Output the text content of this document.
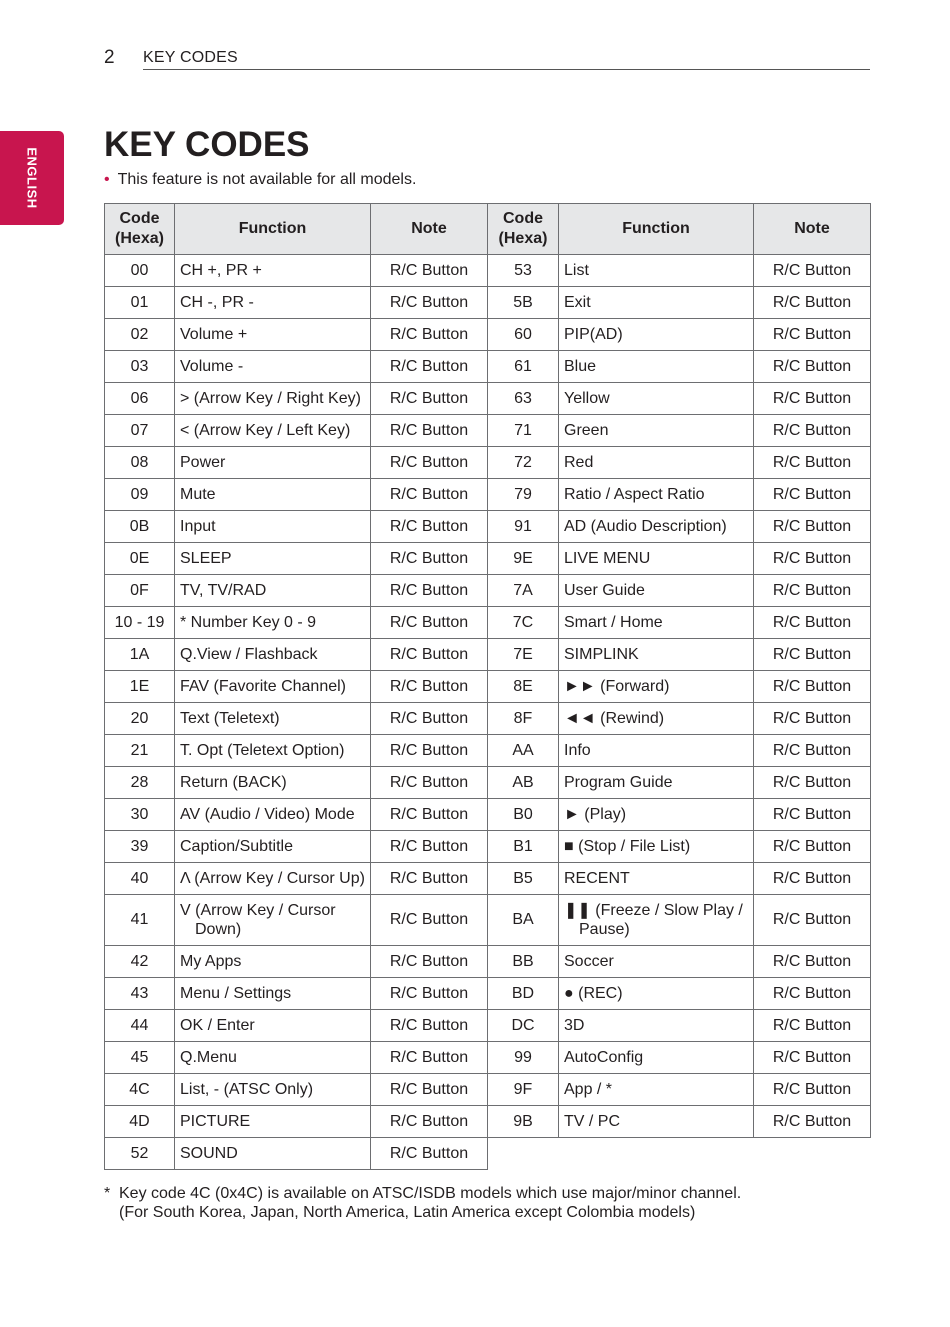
2 KEY CODES
ENGLISH
KEY CODES
• This feature is not available for all models.
Code (Hexa)	Function	Note
00	CH +, PR +	R/C Button
01	CH -, PR -	R/C Button
02	Volume +	R/C Button
03	Volume -	R/C Button
06	> (Arrow Key / Right Key)	R/C Button
07	< (Arrow Key / Left Key)	R/C Button
08	Power	R/C Button
09	Mute	R/C Button
0B	Input	R/C Button
0E	SLEEP	R/C Button
0F	TV, TV/RAD	R/C Button
10 - 19	* Number Key 0 - 9	R/C Button
1A	Q.View / Flashback	R/C Button
1E	FAV (Favorite Channel)	R/C Button
20	Text (Teletext)	R/C Button
21	T. Opt (Teletext Option)	R/C Button
28	Return (BACK)	R/C Button
30	AV (Audio / Video) Mode	R/C Button
39	Caption/Subtitle	R/C Button
40	Λ (Arrow Key / Cursor Up)	R/C Button
41	V (Arrow Key / Cursor Down)	R/C Button
42	My Apps	R/C Button
43	Menu / Settings	R/C Button
44	OK / Enter	R/C Button
45	Q.Menu	R/C Button
4C	List, - (ATSC Only)	R/C Button
4D	PICTURE	R/C Button
52	SOUND	R/C Button
Code (Hexa)	Function	Note
53	List	R/C Button
5B	Exit	R/C Button
60	PIP(AD)	R/C Button
61	Blue	R/C Button
63	Yellow	R/C Button
71	Green	R/C Button
72	Red	R/C Button
79	Ratio / Aspect Ratio	R/C Button
91	AD (Audio Description)	R/C Button
9E	LIVE MENU	R/C Button
7A	User Guide	R/C Button
7C	Smart / Home	R/C Button
7E	SIMPLINK	R/C Button
8E	►► (Forward)	R/C Button
8F	◄◄ (Rewind)	R/C Button
AA	Info	R/C Button
AB	Program Guide	R/C Button
B0	► (Play)	R/C Button
B1	■ (Stop / File List)	R/C Button
B5	RECENT	R/C Button
BA	❚❚ (Freeze / Slow Play / Pause)	R/C Button
BB	Soccer	R/C Button
BD	● (REC)	R/C Button
DC	3D	R/C Button
99	AutoConfig	R/C Button
9F	App / *	R/C Button
9B	TV / PC	R/C Button
* Key code 4C (0x4C) is available on ATSC/ISDB models which use major/minor channel.
(For South Korea, Japan, North America, Latin America except Colombia models)
